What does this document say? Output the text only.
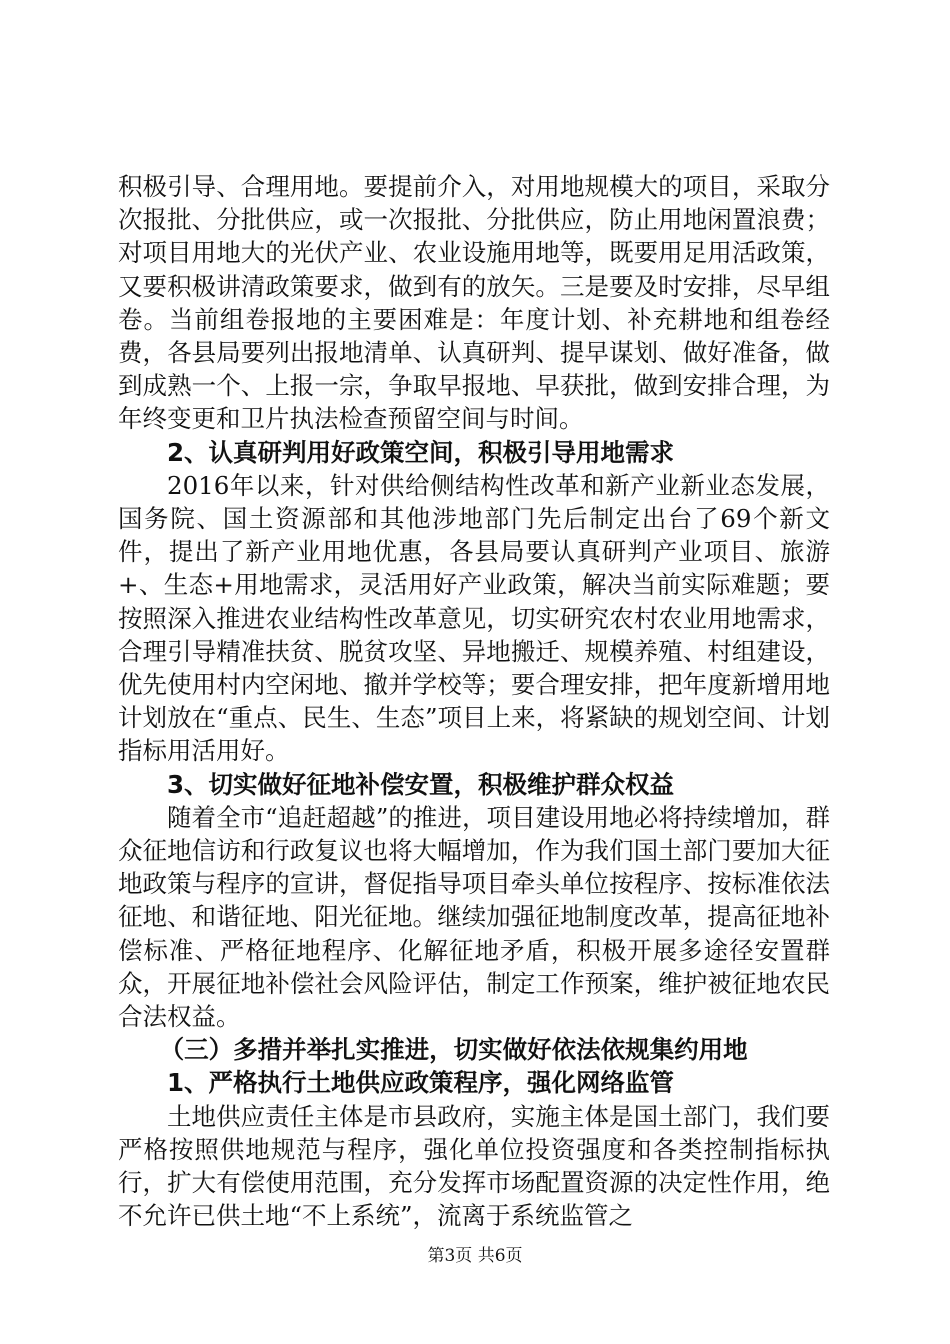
积极引导、合理用地。要提前介入，对用地规模大的项目，采取分次报批、分批供应，或一次报批、分批供应，防止用地闲置浪费；对项目用地大的光伏产业、农业设施用地等，既要用足用活政策，又要积极讲清政策要求，做到有的放矢。三是要及时安排，尽早组卷。当前组卷报地的主要困难是：年度计划、补充耕地和组卷经费，各县局要列出报地清单、认真研判、提早谋划、做好准备，做到成熟一个、上报一宗，争取早报地、早获批，做到安排合理，为年终变更和卫片执法检查预留空间与时间。

2、认真研判用好政策空间，积极引导用地需求

2016年以来，针对供给侧结构性改革和新产业新业态发展，国务院、国土资源部和其他涉地部门先后制定出台了69个新文件，提出了新产业用地优惠，各县局要认真研判产业项目、旅游+、生态+用地需求，灵活用好产业政策，解决当前实际难题；要按照深入推进农业结构性改革意见，切实研究农村农业用地需求，合理引导精准扶贫、脱贫攻坚、异地搬迁、规模养殖、村组建设，优先使用村内空闲地、撤并学校等；要合理安排，把年度新增用地计划放在“重点、民生、生态”项目上来，将紧缺的规划空间、计划指标用活用好。

3、切实做好征地补偿安置，积极维护群众权益

随着全市“追赶超越”的推进，项目建设用地必将持续增加，群众征地信访和行政复议也将大幅增加，作为我们国土部门要加大征地政策与程序的宣讲，督促指导项目牵头单位按程序、按标准依法征地、和谐征地、阳光征地。继续加强征地制度改革，提高征地补偿标准、严格征地程序、化解征地矛盾，积极开展多途径安置群众，开展征地补偿社会风险评估，制定工作预案，维护被征地农民合法权益。

（三）多措并举扎实推进，切实做好依法依规集约用地

1、严格执行土地供应政策程序，强化网络监管

土地供应责任主体是市县政府，实施主体是国土部门，我们要严格按照供地规范与程序，强化单位投资强度和各类控制指标执行，扩大有偿使用范围，充分发挥市场配置资源的决定性作用，绝不允许已供土地“不上系统”，流离于系统监管之

第3页 共6页
